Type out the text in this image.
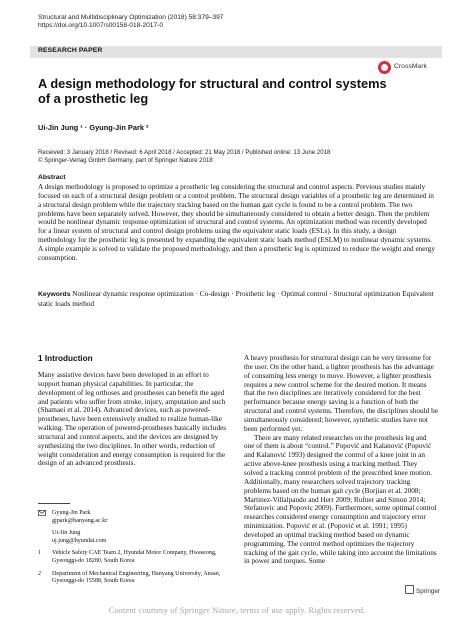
Structural and Multidisciplinary Optimization (2018) 58:379–397
https://doi.org/10.1007/s00158-018-2017-0
RESEARCH PAPER
CrossMark
A design methodology for structural and control systems of a prosthetic leg
Ui-Jin Jung ¹ · Gyung-Jin Park ²
Received: 3 January 2018 / Revised: 6 April 2018 / Accepted: 21 May 2018 / Published online: 13 June 2018
© Springer-Verlag GmbH Germany, part of Springer Nature 2018
Abstract

A design methodology is proposed to optimize a prosthetic leg considering the structural and control aspects. Previous studies mainly focused on each of a structural design problem or a control problem. The structural design variables of a prosthetic leg are determined in a structural design problem while the trajectory tracking based on the human gait cycle is found to be a control problem. The two problems have been separately solved. However, they should be simultaneously considered to obtain a better design. Then the problem would be nonlinear dynamic response optimization of structural and control systems. An optimization method was recently developed for a linear system of structural and control design problems using the equivalent static loads (ESLs). In this study, a design methodology for the prosthetic leg is presented by expanding the equivalent static loads method (ESLM) to nonlinear dynamic systems. A simple example is solved to validate the proposed methodology, and then a prosthetic leg is optimized to reduce the weight and energy consumption.

Keywords Nonlinear dynamic response optimization · Co-design · Prosthetic leg · Optimal control · Structural optimization Equivalent static loads method

1 Introduction

Many assistive devices have been developed in an effort to support human physical capabilities. In particular, the development of leg orthoses and prostheses can benefit the aged and patients who suffer from stroke, injury, amputation and such (Shamaei et al. 2014). Advanced devices, such as powered-prostheses, have been extensively studied to realize human-like walking. The operation of powered-prostheses basically includes structural and control aspects, and the devices are designed by synthesizing the two disciplines. In other words, reduction of weight consideration and energy consumption is required for the design of an advanced prosthesis.

A heavy prosthesis for structural design can be very tiresome for the user. On the other hand, a lighter prosthesis has the advantage of consuming less energy to move. However, a lighter prosthesis requires a new control scheme for the desired motion. It means that the two disciplines are iteratively considered for the best performance because energy saving is a function of both the structural and control systems. Therefore, the disciplines should be simultaneously considered; however, synthetic studies have not been performed yet.

There are many related researches on the prosthesis leg and one of them is about “control.” Popović and Kalanović (Popović and Kalanović 1993) designed the control of a knee joint in an active above-knee prosthesis using a tracking method. They solved a tracking control problem of the prescribed knee motion. Additionally, many researchers solved trajectory tracking problems based on the human gait cycle (Borjian et al. 2008; Martinez-Villalpando and Herr 2009; Rufner and Simon 2014; Stefanovic and Popovic 2009). Furthermore, some optimal control researches considered energy consumption and trajectory error minimization. Popović et al. (Popović et al. 1991; 1995) developed an optimal tracking method based on dynamic programming. The control method optimizes the trajectory tracking of the gait cycle, while taking into account the limitations in power and torques. Some

Gyung-Jin Park
gjpark@hanyang.ac.kr
Ui-Jin Jung
uj.jung@hyundai.com
1 Vehicle Safety CAE Team 2, Hyundai Motor Company, Hwaseong, Gyeonggi-do 18280, South Korea
2 Department of Mechanical Engineering, Hanyang University, Ansan, Gyeonggi-do 15588, South Korea
Springer
Content courtesy of Springer Nature, terms of use apply. Rights reserved.
